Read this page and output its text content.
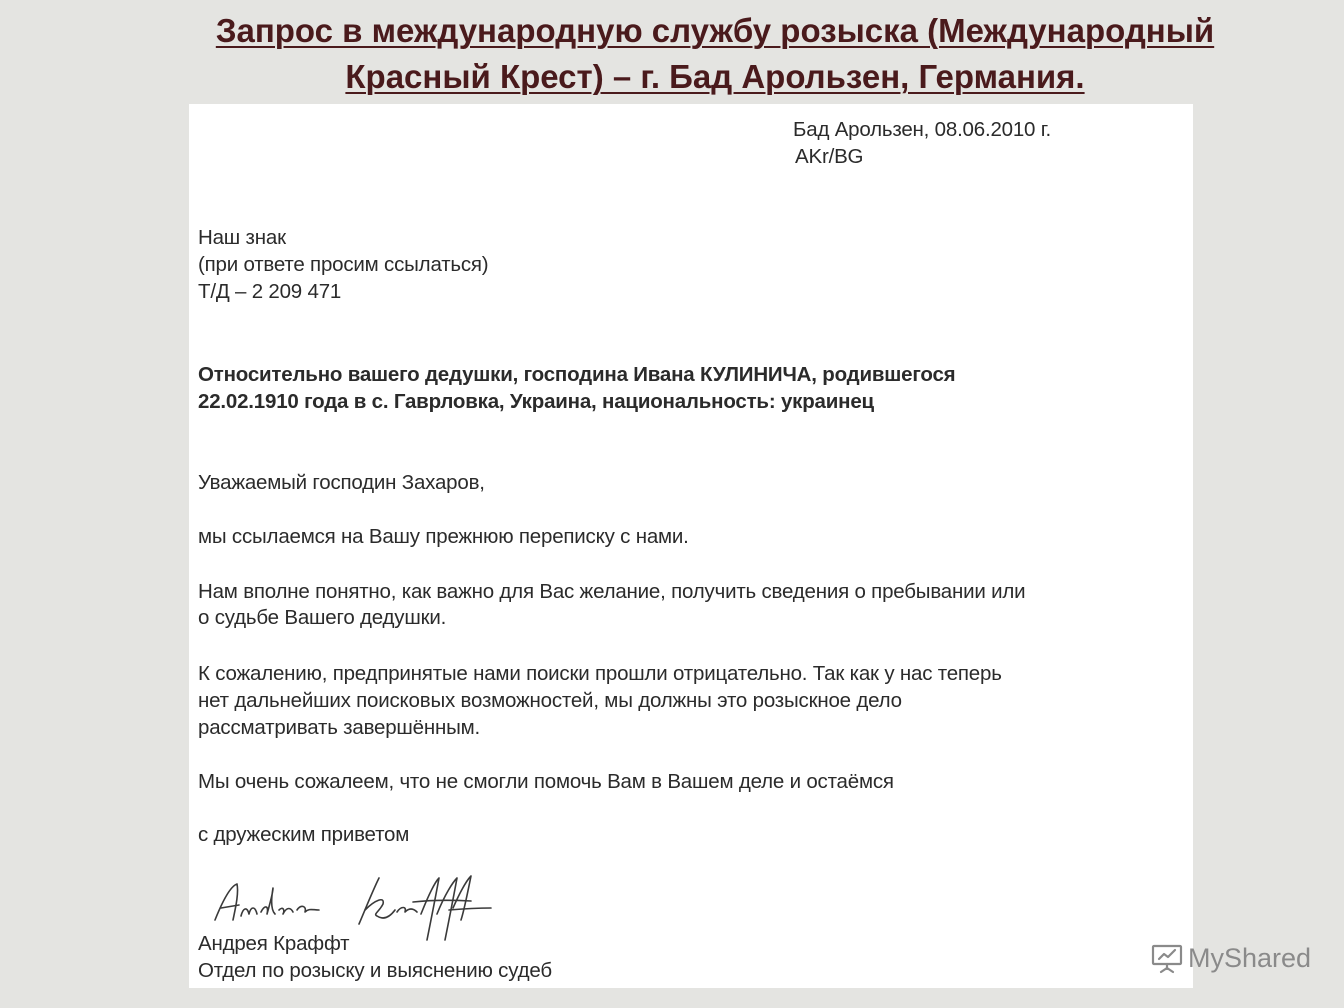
Запрос в международную службу розыска (Международный
Красный Крест) – г. Бад Арользен, Германия.

Бад Арользен, 08.06.2010 г.

AKr/BG

Наш знак

(при ответе просим ссылаться)

Т/Д – 2 209 471

Относительно вашего дедушки, господина Ивана КУЛИНИЧА, родившегося

22.02.1910 года в с. Гаврловка, Украина, национальность: украинец

Уважаемый господин Захаров,

мы ссылаемся на Вашу прежнюю переписку с нами.

Нам вполне понятно, как важно для Вас желание, получить сведения о пребывании или

о судьбе Вашего дедушки.

К сожалению, предпринятые нами поиски прошли отрицательно. Так как у нас теперь

нет дальнейших поисковых возможностей, мы должны это розыскное дело

рассматривать завершённым.

Мы очень сожалеем, что не смогли помочь Вам в Вашем деле и остаёмся

с дружеским приветом

Андрея Краффт

Отдел по розыску и выяснению судеб	MyShared
